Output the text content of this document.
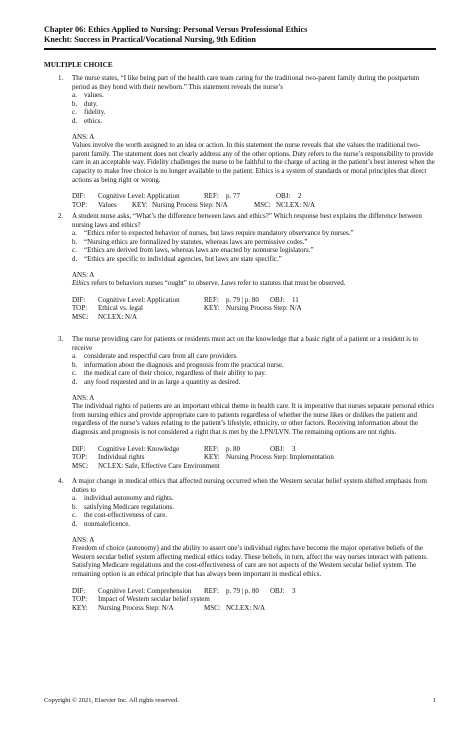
Chapter 06: Ethics Applied to Nursing: Personal Versus Professional Ethics
Knecht: Success in Practical/Vocational Nursing, 9th Edition
MULTIPLE CHOICE
1. The nurse states, “I like being part of the health care team caring for the traditional two-parent family during the postpartum period as they bond with their newborn.” This statement reveals the nurse’s
a.	values.
b. duty.
c.	fidelity.
d. ethics.
ANS: A
Values involve the worth assigned to an idea or action. In this statement the nurse reveals that she values the traditional two-parent family. The statement does not clearly address any of the other options. Duty refers to the nurse’s responsibility to provide care in an acceptable way. Fidelity challenges the nurse to be faithful to the charge of acting in the patient’s best interest when the capacity to make free choice is no longer available to the patient. Ethics is a system of standards or moral principles that direct actions as being right or wrong.
DIF:	Cognitive Level: Application	REF:	p. 77	OBJ:	2
TOP:	Values	KEY: Nursing Process Step: N/A	MSC: NCLEX: N/A
2. A student nurse asks, “What’s the difference between laws and ethics?” Which response best explains the difference between nursing laws and ethics?
a.	“Ethics refer to expected behavior of nurses, but laws require mandatory observance by nurses.”
b. “Nursing ethics are formalized by statutes, whereas laws are permissive codes.”
c.	“Ethics are derived from laws, whereas laws are enacted by nonnurse legislators.”
d. “Ethics are specific to individual agencies, but laws are state specific.”
ANS: A
Ethics refers to behaviors nurses “ought” to observe. Laws refer to statutes that must be observed.
DIF:	Cognitive Level: Application	REF:	p. 79 | p. 80	OBJ:	11
TOP:	Ethical vs. legal	KEY: Nursing Process Step: N/A
MSC:	NCLEX: N/A
3. The nurse providing care for patients or residents must act on the knowledge that a basic right of a patient or a resident is to receive
a.	considerate and respectful care from all care providers.
b. information about the diagnosis and prognosis from the practical nurse.
c.	the medical care of their choice, regardless of their ability to pay.
d. any food requested and in as large a quantity as desired.
ANS: A
The individual rights of patients are an important ethical theme in health care. It is imperative that nurses separate personal ethics from nursing ethics and provide appropriate care to patients regardless of whether the nurse likes or dislikes the patient and regardless of the nurse’s values relating to the patient’s lifestyle, ethnicity, or other factors. Receiving information about the diagnosis and prognosis is not considered a right that is met by the LPN/LVN. The remaining options are not rights.
DIF:	Cognitive Level: Knowledge	REF:	p. 80	OBJ:	3
TOP:	Individual rights	KEY: Nursing Process Step: Implementation
MSC:	NCLEX: Safe, Effective Care Environment
4. A major change in medical ethics that affected nursing occurred when the Western secular belief system shifted emphasis from duties to
a.	individual autonomy and rights.
b. satisfying Medicare regulations.
c.	the cost-effectiveness of care.
d. nonmaleficence.
ANS: A
Freedom of choice (autonomy) and the ability to assert one’s individual rights have become the major operative beliefs of the Western secular belief system affecting medical ethics today. These beliefs, in turn, affect the way nurses interact with patients. Satisfying Medicare regulations and the cost-effectiveness of care are not aspects of the Western secular belief system. The remaining option is an ethical principle that has always been important in medical ethics.
DIF:	Cognitive Level: Comprehension	REF:	p. 79 | p. 80	OBJ:	3
TOP:	Impact of Western secular belief system
KEY:	Nursing Process Step: N/A	MSC: NCLEX: N/A
Copyright © 2021, Elsevier Inc. All rights reserved.	1
